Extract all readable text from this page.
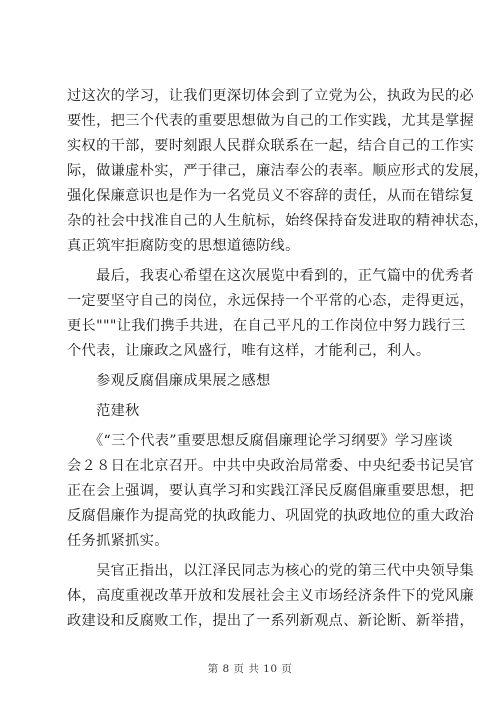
过这次的学习，让我们更深切体会到了立党为公，执政为民的必
要性，把三个代表的重要思想做为自己的工作实践，尤其是掌握
实权的干部，要时刻跟人民群众联系在一起，结合自己的工作实
际，做谦虚朴实，严于律己，廉洁奉公的表率。顺应形式的发展，
强化保廉意识也是作为一名党员义不容辞的责任，从而在错综复
杂的社会中找准自己的人生航标，始终保持奋发进取的精神状态，
真正筑牢拒腐防变的思想道德防线。
　　最后，我衷心希望在这次展览中看到的，正气篇中的优秀者
一定要坚守自己的岗位，永远保持一个平常的心态，走得更远，
更长"""让我们携手共进，在自己平凡的工作岗位中努力践行三
个代表，让廉政之风盛行，唯有这样，才能利己，利人。
　　参观反腐倡廉成果展之感想
　　范建秋
　　《“三个代表”重要思想反腐倡廉理论学习纲要》学习座谈
会２８日在北京召开。中共中央政治局常委、中央纪委书记吴官
正在会上强调，要认真学习和实践江泽民反腐倡廉重要思想，把
反腐倡廉作为提高党的执政能力、巩固党的执政地位的重大政治
任务抓紧抓实。
　　吴官正指出，以江泽民同志为核心的党的第三代中央领导集
体，高度重视改革开放和发展社会主义市场经济条件下的党风廉
政建设和反腐败工作，提出了一系列新观点、新论断、新举措，
第 8 页 共 10 页
